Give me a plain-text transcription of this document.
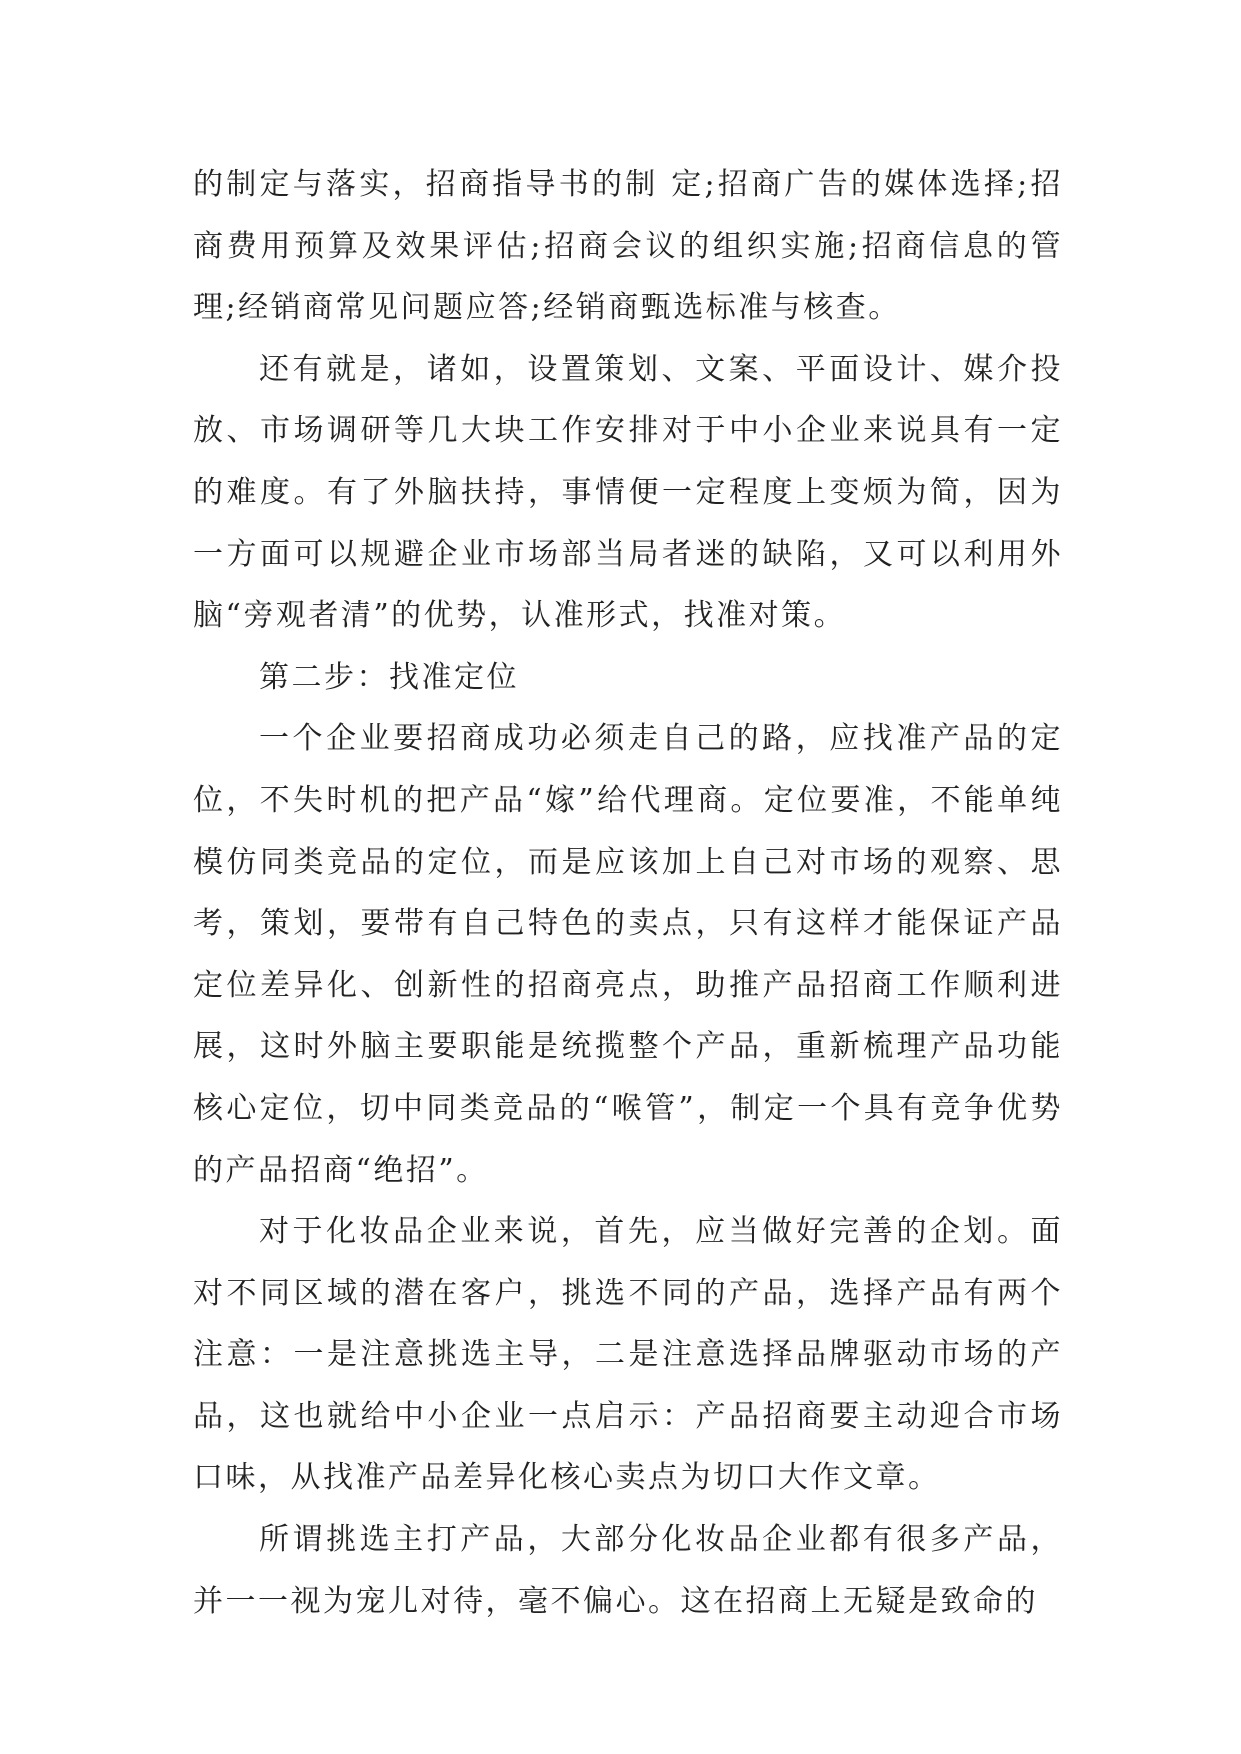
的制定与落实，招商指导书的制 定;招商广告的媒体选择;招商费用预算及效果评估;招商会议的组织实施;招商信息的管理;经销商常见问题应答;经销商甄选标准与核查。

还有就是，诸如，设置策划、文案、平面设计、媒介投放、市场调研等几大块工作安排对于中小企业来说具有一定的难度。有了外脑扶持，事情便一定程度上变烦为简，因为一方面可以规避企业市场部当局者迷的缺陷，又可以利用外脑“旁观者清”的优势，认准形式，找准对策。

第二步：找准定位

一个企业要招商成功必须走自己的路，应找准产品的定位，不失时机的把产品“嫁”给代理商。定位要准，不能单纯模仿同类竞品的定位，而是应该加上自己对市场的观察、思考，策划，要带有自己特色的卖点，只有这样才能保证产品定位差异化、创新性的招商亮点，助推产品招商工作顺利进展，这时外脑主要职能是统揽整个产品，重新梳理产品功能核心定位，切中同类竞品的“喉管”，制定一个具有竞争优势的产品招商“绝招”。

对于化妆品企业来说，首先，应当做好完善的企划。面对不同区域的潜在客户，挑选不同的产品，选择产品有两个注意：一是注意挑选主导，二是注意选择品牌驱动市场的产品，这也就给中小企业一点启示：产品招商要主动迎合市场口味，从找准产品差异化核心卖点为切口大作文章。

所谓挑选主打产品，大部分化妆品企业都有很多产品，并一一视为宠儿对待，毫不偏心。这在招商上无疑是致命的
